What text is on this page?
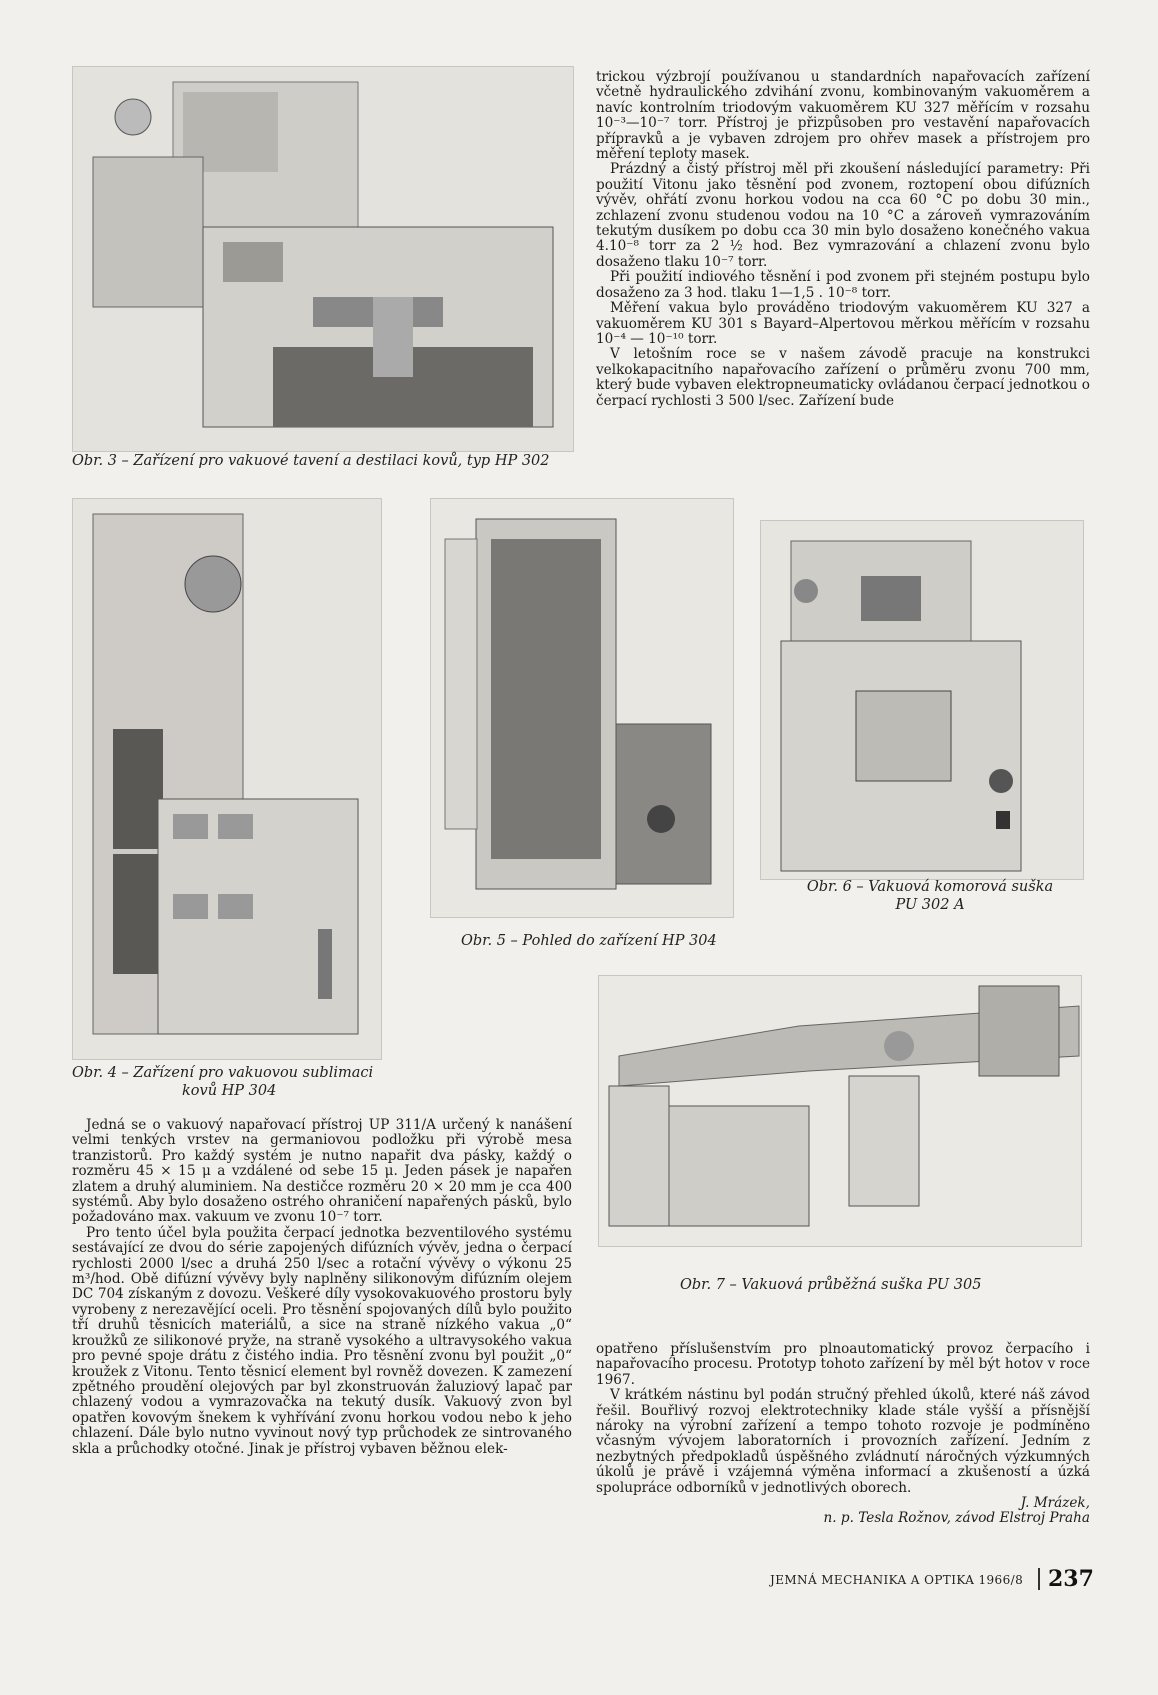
Obr. 3 – Zařízení pro vakuové tavení a destilaci kovů, typ HP 302

trickou výzbrojí používanou u standardních napařovacích zařízení včetně hydraulického zdvihání zvonu, kombinovaným vakuoměrem a navíc kontrolním triodovým vakuoměrem KU 327 měřícím v rozsahu 10⁻³—10⁻⁷ torr. Přístroj je přizpůsoben pro vestavění napařovacích přípravků a je vybaven zdrojem pro ohřev masek a přístrojem pro měření teploty masek.

Prázdný a čistý přístroj měl při zkoušení následující parametry: Při použití Vitonu jako těsnění pod zvonem, roztopení obou difúzních vývěv, ohřátí zvonu horkou vodou na cca 60 °C po dobu 30 min., zchlazení zvonu studenou vodou na 10 °C a zároveň vymrazováním tekutým dusíkem po dobu cca 30 min bylo dosaženo konečného vakua 4.10⁻⁸ torr za 2 ½ hod. Bez vymrazování a chlazení zvonu bylo dosaženo tlaku 10⁻⁷ torr.

Při použití indiového těsnění i pod zvonem při stejném postupu bylo dosaženo za 3 hod. tlaku 1—1,5 . 10⁻⁸ torr.

Měření vakua bylo prováděno triodovým vakuoměrem KU 327 a vakuoměrem KU 301 s Bayard–Alpertovou měrkou měřícím v rozsahu 10⁻⁴ — 10⁻¹⁰ torr.

V letošním roce se v našem závodě pracuje na konstrukci velkokapacitního napařovacího zařízení o průměru zvonu 700 mm, který bude vybaven elektropneumaticky ovládanou čerpací jednotkou o čerpací rychlosti 3 500 l/sec. Zařízení bude

Obr. 5 – Pohled do zařízení HP 304
Obr. 6 – Vakuová komorová suška
PU 302 A
Obr. 4 – Zařízení pro vakuovou sublimaci
kovů HP 304
Obr. 7 – Vakuová průběžná suška PU 305

Jedná se o vakuový napařovací přístroj UP 311/A určený k nanášení velmi tenkých vrstev na germaniovou podložku při výrobě mesa tranzistorů. Pro každý systém je nutno napařit dva pásky, každý o rozměru 45 × 15 μ a vzdálené od sebe 15 μ. Jeden pásek je napařen zlatem a druhý aluminiem. Na destičce rozměru 20 × 20 mm je cca 400 systémů. Aby bylo dosaženo ostrého ohraničení napařených pásků, bylo požadováno max. vakuum ve zvonu 10⁻⁷ torr.

Pro tento účel byla použita čerpací jednotka bezventilového systému sestávající ze dvou do série zapojených difúzních vývěv, jedna o čerpací rychlosti 2000 l/sec a druhá 250 l/sec a rotační vývěvy o výkonu 25 m³/hod. Obě difúzní vývěvy byly naplněny silikonovým difúzním olejem DC 704 získaným z dovozu. Veškeré díly vysokovakuového prostoru byly vyrobeny z nerezavějící oceli. Pro těsnění spojovaných dílů bylo použito tří druhů těsnicích materiálů, a sice na straně nízkého vakua „0“ kroužků ze silikonové pryže, na straně vysokého a ultravysokého vakua pro pevné spoje drátu z čistého india. Pro těsnění zvonu byl použit „0“ kroužek z Vitonu. Tento těsnicí element byl rovněž dovezen. K zamezení zpětného proudění olejových par byl zkonstruován žaluziový lapač par chlazený vodou a vymrazovačka na tekutý dusík. Vakuový zvon byl opatřen kovovým šnekem k vyhřívání zvonu horkou vodou nebo k jeho chlazení. Dále bylo nutno vyvinout nový typ průchodek ze sintrovaného skla a průchodky otočné. Jinak je přístroj vybaven běžnou elek-

opatřeno příslušenstvím pro plnoautomatický provoz čerpacího i napařovacího procesu. Prototyp tohoto zařízení by měl být hotov v roce 1967.

V krátkém nástinu byl podán stručný přehled úkolů, které náš závod řešil. Bouřlivý rozvoj elektrotechniky klade stále vyšší a přísnější nároky na výrobní zařízení a tempo tohoto rozvoje je podmíněno včasným vývojem laboratorních i provozních zařízení. Jedním z nezbytných předpokladů úspěšného zvládnutí náročných výzkumných úkolů je právě i vzájemná výměna informací a zkušeností a úzká spolupráce odborníků v jednotlivých oborech.

J. Mrázek,

n. p. Tesla Rožnov, závod Elstroj Praha

JEMNÁ MECHANIKA A OPTIKA 1966/8 237
